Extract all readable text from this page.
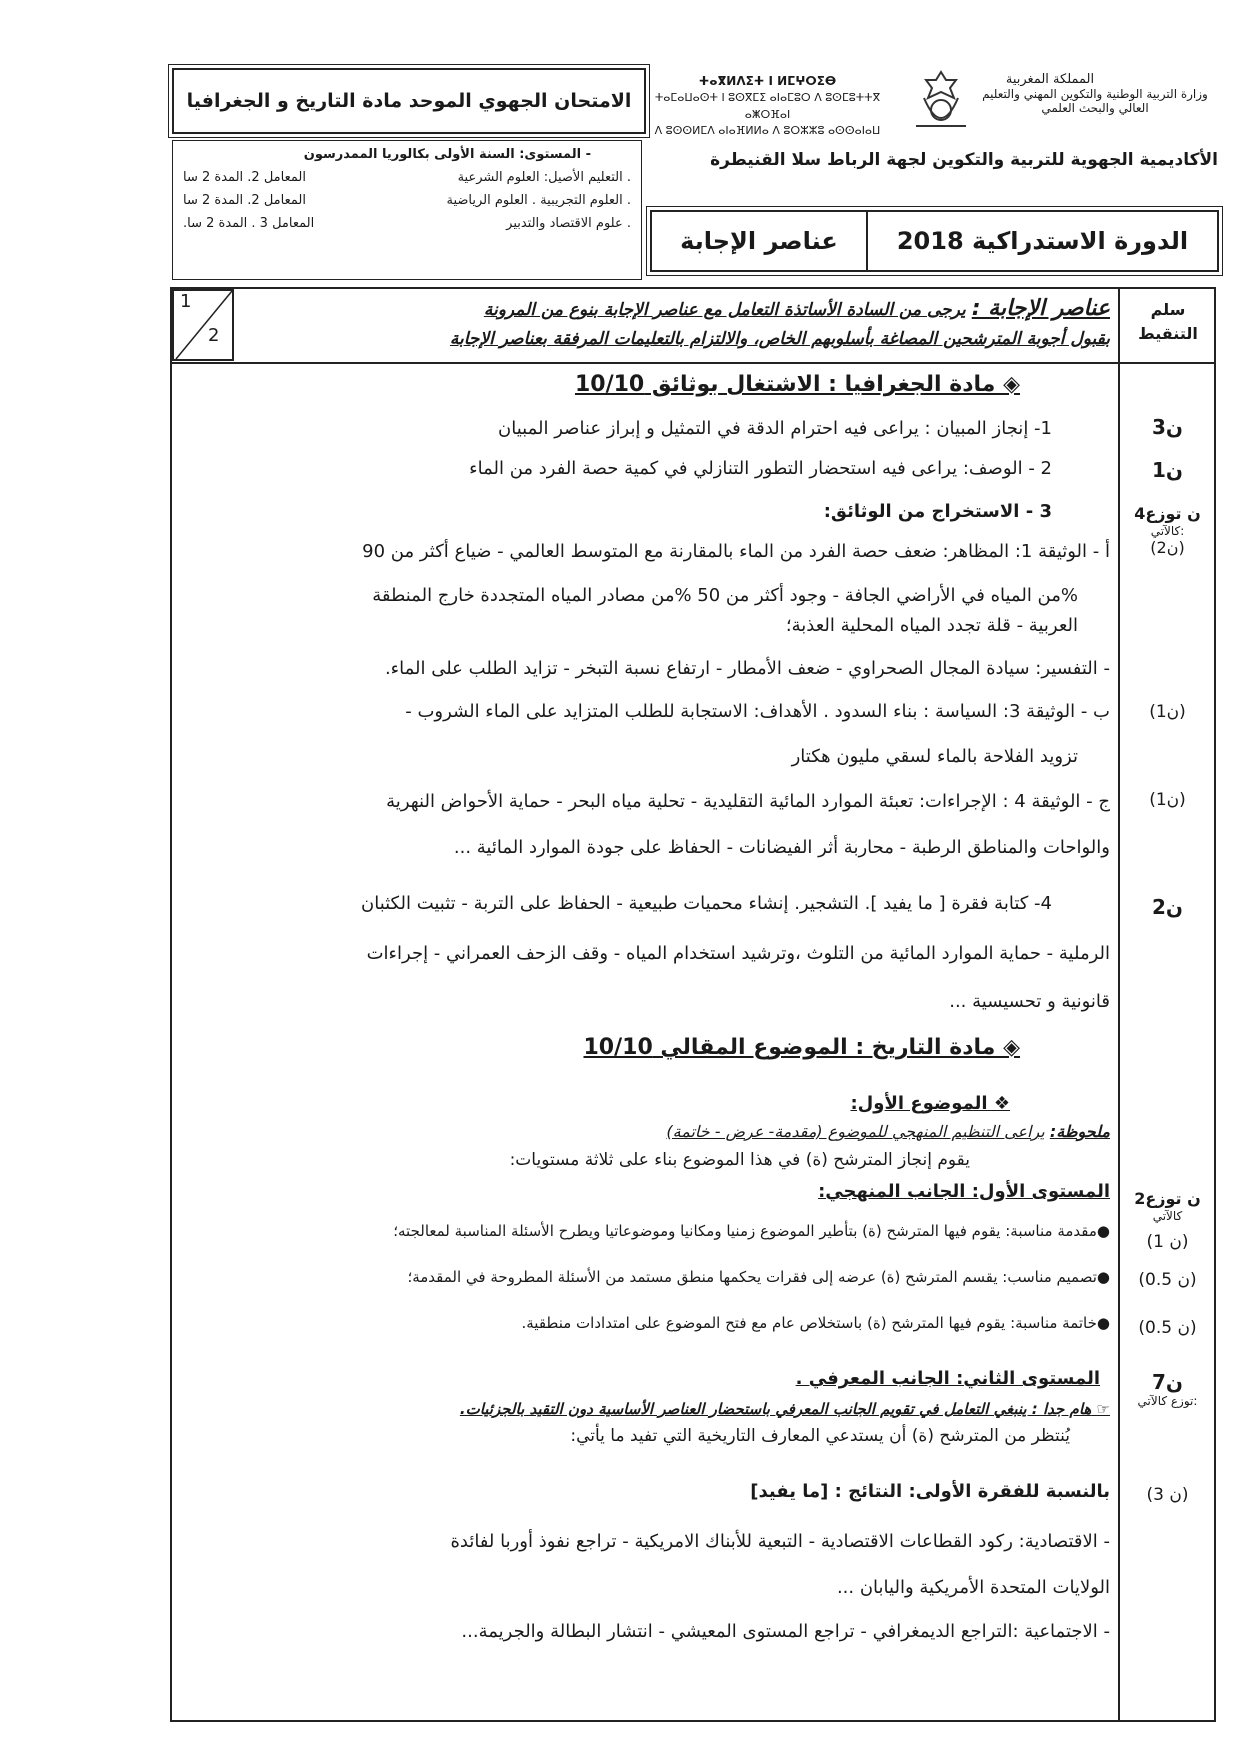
المملكة المغربية
وزارة التربية الوطنية والتكوين المهني والتعليم العالي والبحث العلمي
ⵜⴰⴳⵍⴷⵉⵜ ⵏ ⵍⵎⵖⵔⵉⴱ
ⵜⴰⵎⴰⵡⴰⵙⵜ ⵏ ⵓⵙⴳⵎⵉ ⴰⵏⴰⵎⵓⵔ ⴷ ⵓⵙⵎⵓⵜⵜⴳ ⴰⵥⵔⴼⴰⵏ
ⴷ ⵓⵙⵙⵍⵎⴷ ⴰⵏⴰⴼⵍⵍⴰ ⴷ ⵓⵔⵣⵣⵓ ⴰⵙⵙⴰⵏⴰⵡ
الأكاديمية الجهوية للتربية والتكوين لجهة الرباط سلا القنيطرة
الامتحان الجهوي الموحد مادة التاريخ و الجغرافيا
- المستوى: السنة الأولى بكالوريا الممدرسون
. التعليم الأصيل: العلوم الشرعية
المعامل 2. المدة 2 سا
. العلوم التجريبية . العلوم الرياضية
المعامل 2. المدة 2 سا
. علوم الاقتصاد والتدبير
المعامل 3 . المدة 2 سا.
عناصر الإجابة	الدورة الاستدراكية 2018
1
2
سلم التنقيط
عناصر الإجابة : يرجى من السادة الأساتذة التعامل مع عناصر الإجابة بنوع من المرونة
بقبول أجوبة المترشحين المصاغة بأسلوبهم الخاص، والالتزام بالتعليمات المرفقة بعناصر الإجابة
◈ مادة الجغرافيا : الاشتغال بوثائق 10/10
1- إنجاز المبيان : يراعى فيه احترام الدقة في التمثيل و إبراز عناصر المبيان
2 - الوصف: يراعى فيه استحضار التطور التنازلي في كمية حصة الفرد من الماء
3 - الاستخراج من الوثائق:
أ - الوثيقة 1: المظاهر: ضعف حصة الفرد من الماء بالمقارنة مع المتوسط العالمي - ضياع أكثر من 90
%من المياه في الأراضي الجافة - وجود أكثر من 50 %من مصادر المياه المتجددة خارج المنطقة
العربية - قلة تجدد المياه المحلية العذبة؛
- التفسير: سيادة المجال الصحراوي - ضعف الأمطار - ارتفاع نسبة التبخر - تزايد الطلب على الماء.
ب - الوثيقة 3: السياسة : بناء السدود . الأهداف: الاستجابة للطلب المتزايد على الماء الشروب -
تزويد الفلاحة بالماء لسقي مليون هكتار
ج - الوثيقة 4 : الإجراءات: تعبئة الموارد المائية التقليدية - تحلية مياه البحر - حماية الأحواض النهرية
والواحات والمناطق الرطبة - محاربة أثر الفيضانات - الحفاظ على جودة الموارد المائية ...
4- كتابة فقرة [ ما يفيد ]. التشجير. إنشاء محميات طبيعية - الحفاظ على التربة - تثبيت الكثبان
الرملية - حماية الموارد المائية من التلوث ،وترشيد استخدام المياه - وقف الزحف العمراني - إجراءات
قانونية و تحسيسية ...
◈ مادة التاريخ : الموضوع المقالي 10/10
❖ الموضوع الأول:
ملحوظة: يراعى التنظيم المنهجي للموضوع (مقدمة- عرض - خاتمة)
يقوم إنجاز المترشح (ة) في هذا الموضوع بناء على ثلاثة مستويات:
المستوى الأول: الجانب المنهجي:
● مقدمة مناسبة: يقوم فيها المترشح (ة) بتأطير الموضوع زمنيا ومكانيا وموضوعاتيا ويطرح الأسئلة المناسبة لمعالجته؛
● تصميم مناسب: يقسم المترشح (ة) عرضه إلى فقرات يحكمها منطق مستمد من الأسئلة المطروحة في المقدمة؛
● خاتمة مناسبة: يقوم فيها المترشح (ة) باستخلاص عام مع فتح الموضوع على امتدادات منطقية.
المستوى الثاني: الجانب المعرفي .
☞ هام جدا : ينبغي التعامل في تقويم الجانب المعرفي باستحضار العناصر الأساسية دون التقيد بالجزئيات.
يُنتظر من المترشح (ة) أن يستدعي المعارف التاريخية التي تفيد ما يأتي:
بالنسبة للفقرة الأولى: النتائج : [ما يفيد]
- الاقتصادية: ركود القطاعات الاقتصادية - التبعية للأبناك الامريكية - تراجع نفوذ أوربا لفائدة
الولايات المتحدة الأمريكية واليابان ...
- الاجتماعية :التراجع الديمغرافي - تراجع المستوى المعيشي - انتشار البطالة والجريمة...
3ن
1ن
4ن توزع
كالآتي:
(2ن)
(1ن)
(1ن)
2ن
2ن توزع
كالآتي
(1 ن)
(0.5 ن)
(0.5 ن)
7ن
توزع كالآتي:
(3 ن)
